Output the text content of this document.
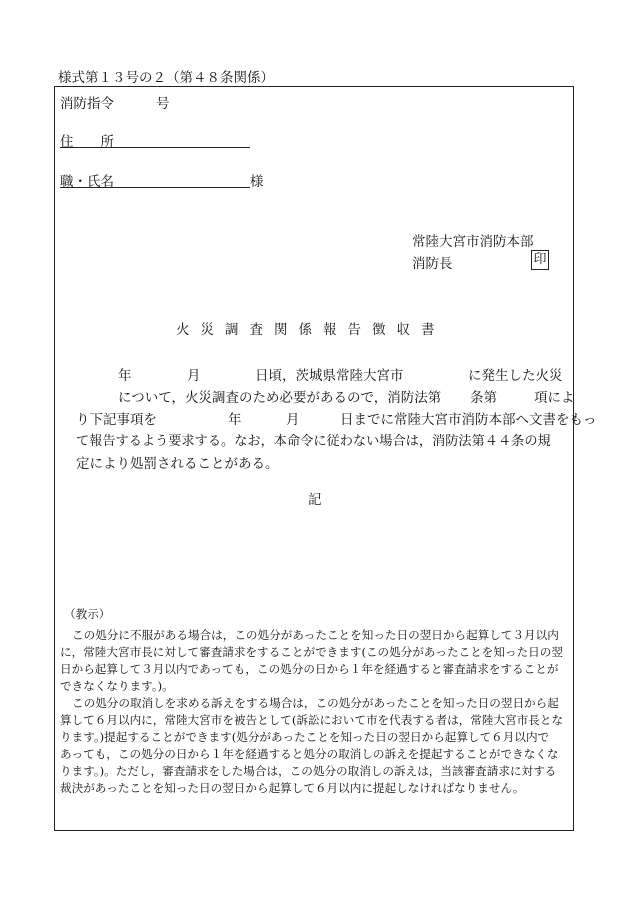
様式第１３号の２（第４８条関係）
消防指令	号
住　　所
職・氏名	様
常陸大宮市消防本部
消防長	印
火災調査関係報告徴収書
年	月	日頃，茨城県常陸大宮市	に発生した火災
について，火災調査のため必要があるので，消防法第 条第	項によ
り下記事項を	年	月	日までに常陸大宮市消防本部へ文書をもっ
て報告するよう要求する。なお，本命令に従わない場合は，消防法第４４条の規
定により処罰されることがある。
記
（教示）
この処分に不服がある場合は，この処分があったことを知った日の翌日から起算して３月以内
に，常陸大宮市長に対して審査請求をすることができます(この処分があったことを知った日の翌
日から起算して３月以内であっても，この処分の日から１年を経過すると審査請求をすることが
できなくなります。)。
この処分の取消しを求める訴えをする場合は，この処分があったことを知った日の翌日から起
算して６月以内に，常陸大宮市を被告として(訴訟において市を代表する者は，常陸大宮市長とな
ります。)提起することができます(処分があったことを知った日の翌日から起算して６月以内で
あっても，この処分の日から１年を経過すると処分の取消しの訴えを提起することができなくな
ります。)。ただし，審査請求をした場合は，この処分の取消しの訴えは，当該審査請求に対する
裁決があったことを知った日の翌日から起算して６月以内に提起しなければなりません。
